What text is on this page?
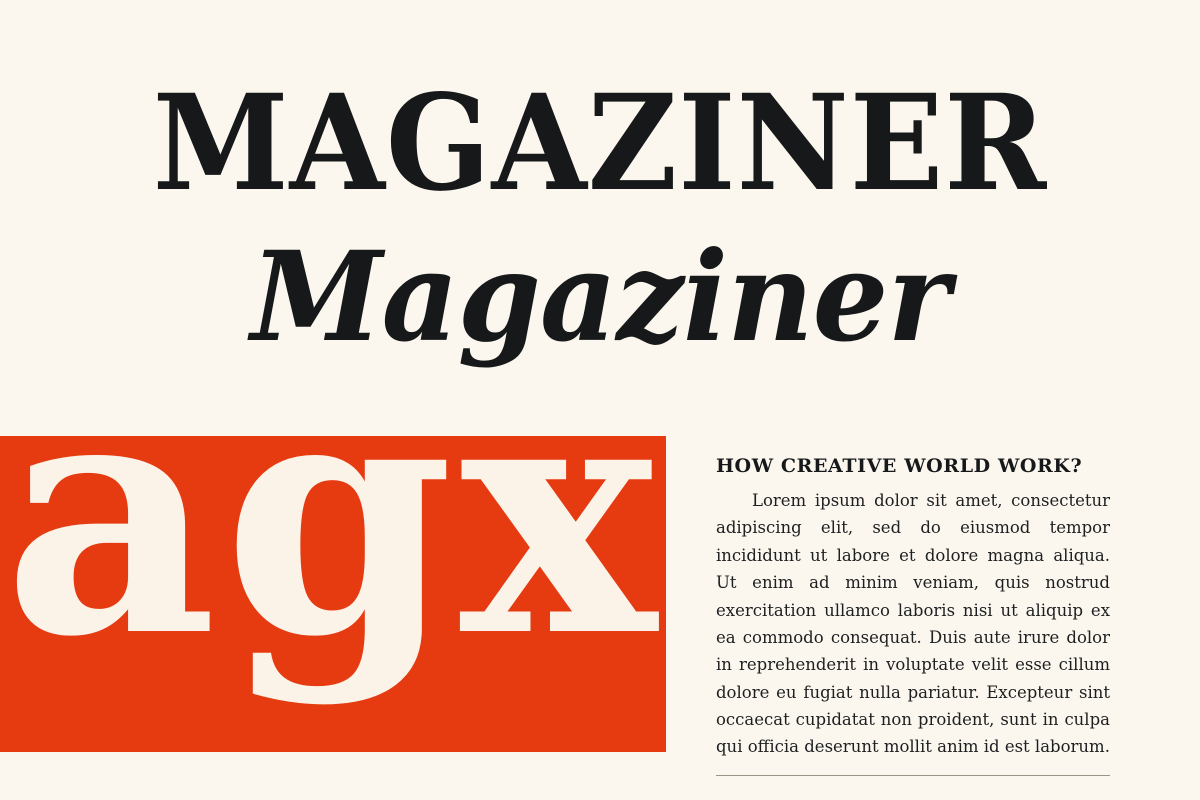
MAGAZINER
Magaziner
agx	HOW CREATIVE WORLD WORK?

Lorem ipsum dolor sit amet, consectetur adipiscing elit, sed do eiusmod tempor incididunt ut labore et dolore magna aliqua. Ut enim ad minim veniam, quis nostrud exercitation ullamco laboris nisi ut aliquip ex ea commodo consequat. Duis aute irure dolor in reprehenderit in voluptate velit esse cillum dolore eu fugiat nulla pariatur. Excepteur sint occaecat cupidatat non proident, sunt in culpa qui officia deserunt mollit anim id est laborum.
